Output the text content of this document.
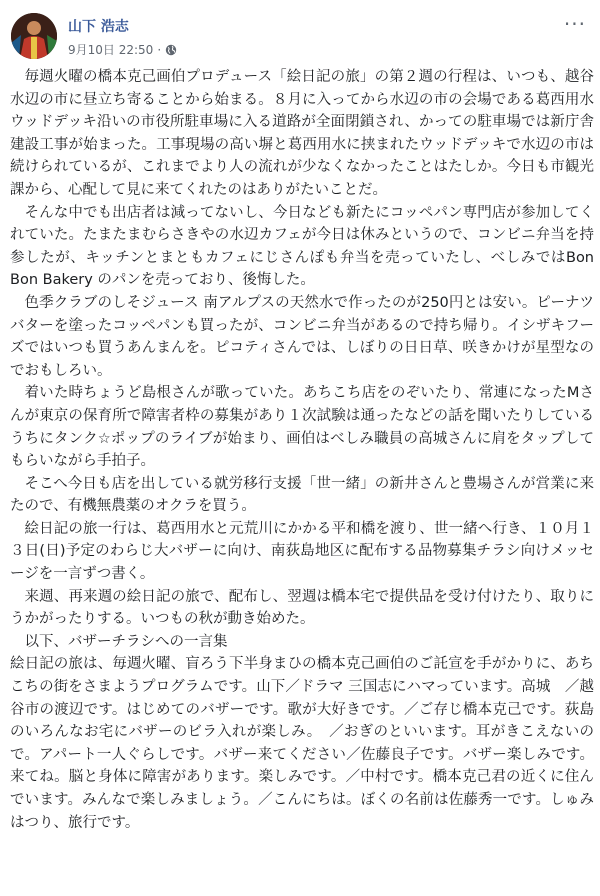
山下 浩志
9月10日 22:50 ·
···

毎週火曜の橋本克己画伯プロデュース「絵日記の旅」の第２週の行程は、いつも、越谷水辺の市に昼立ち寄ることから始まる。８月に入ってから水辺の市の会場である葛西用水ウッドデッキ沿いの市役所駐車場に入る道路が全面閉鎖され、かっての駐車場では新庁舎建設工事が始まった。工事現場の高い塀と葛西用水に挟まれたウッドデッキで水辺の市は続けられているが、これまでより人の流れが少なくなかったことはたしか。今日も市観光課から、心配して見に来てくれたのはありがたいことだ。

そんな中でも出店者は減ってないし、今日なども新たにコッペパン専門店が参加してくれていた。たまたまむらさきやの水辺カフェが今日は休みというので、コンビニ弁当を持参したが、キッチンとまともカフェにじさんぽも弁当を売っていたし、べしみではBon Bon Bakery のパンを売っており、後悔した。

色季クラブのしそジュース 南アルプスの天然水で作ったのが250円とは安い。ピーナツバターを塗ったコッペパンも買ったが、コンビニ弁当があるので持ち帰り。イシザキフーズではいつも買うあんまんを。ピコティさんでは、しぼりの日日草、咲きかけが星型なのでおもしろい。

着いた時ちょうど島根さんが歌っていた。あちこち店をのぞいたり、常連になったMさんが東京の保育所で障害者枠の募集があり１次試験は通ったなどの話を聞いたりしているうちにタンク☆ポップのライブが始まり、画伯はべしみ職員の高城さんに肩をタップしてもらいながら手拍子。

そこへ今日も店を出している就労移行支援「世一緒」の新井さんと豊場さんが営業に来たので、有機無農薬のオクラを買う。

絵日記の旅一行は、葛西用水と元荒川にかかる平和橋を渡り、世一緒へ行き、１０月１３日(日)予定のわらじ大バザーに向け、南荻島地区に配布する品物募集チラシ向けメッセージを一言ずつ書く。

来週、再来週の絵日記の旅で、配布し、翌週は橋本宅で提供品を受け付けたり、取りにうかがったりする。いつもの秋が動き始めた。

以下、バザーチラシへの一言集

絵日記の旅は、毎週火曜、盲ろう下半身まひの橋本克己画伯のご託宣を手がかりに、あちこちの街をさまようプログラムです。山下／ドラマ 三国志にハマっています。高城　／越谷市の渡辺です。はじめてのバザーです。歌が大好きです。／ご存じ橋本克己です。荻島のいろんなお宅にバザーのビラ入れが楽しみ。　／おぎのといいます。耳がきこえないので。アパート一人ぐらしです。バザー来てください／佐藤良子です。バザー楽しみです。来てね。脳と身体に障害があります。楽しみです。／中村です。橋本克己君の近くに住んでいます。みんなで楽しみましょう。／こんにちは。ぼくの名前は佐藤秀一です。しゅみはつり、旅行です。
